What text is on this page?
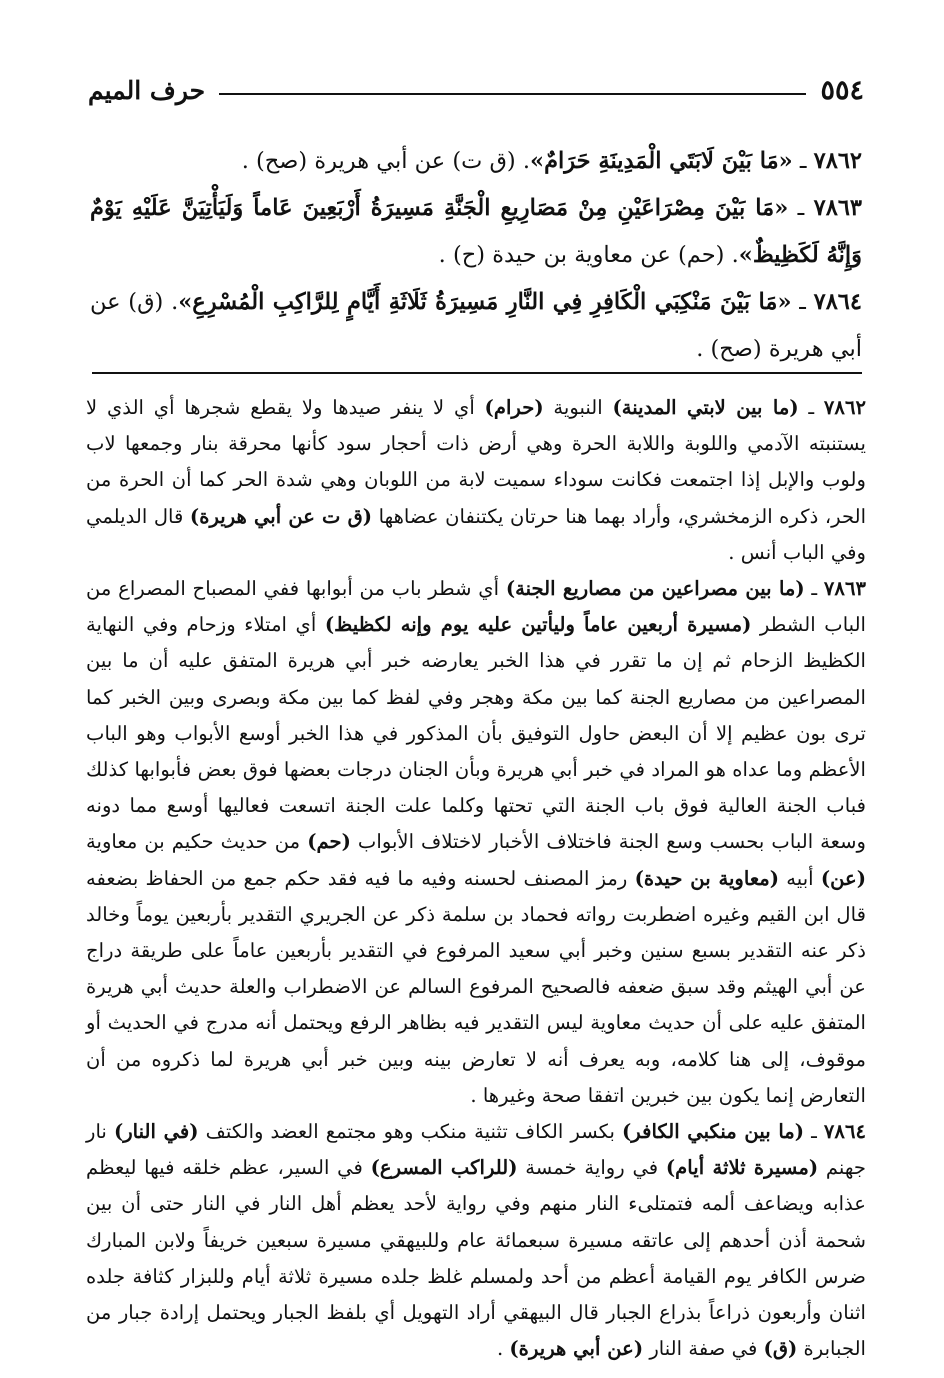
٥٥٤
حرف الميم

٧٨٦٢ ـ «مَا بَيْنَ لَابَتَي الْمَدِينَةِ حَرَامٌ». (ق ت) عن أبي هريرة (صح) .

٧٨٦٣ ـ «مَا بَيْنَ مِصْرَاعَيْنِ مِنْ مَصَارِيعِ الْجَنَّةِ مَسِيرَةُ أَرْبَعِينَ عَاماً وَلَيَأْتِيَنَّ عَلَيْهِ يَوْمٌ وَإِنَّهُ لَكَظِيظٌ». (حم) عن معاوية بن حيدة (ح) .

٧٨٦٤ ـ «مَا بَيْنَ مَنْكِبَي الْكَافِرِ فِي النَّارِ مَسِيرَةُ ثَلَاثَةِ أَيَّامٍ لِلرَّاكِبِ الْمُسْرِعِ». (ق) عن أبي هريرة (صح) .

٧٨٦٢ ـ (ما بين لابتي المدينة) النبوية (حرام) أي لا ينفر صيدها ولا يقطع شجرها أي الذي لا يستنبته الآدمي واللوبة واللابة الحرة وهي أرض ذات أحجار سود كأنها محرقة بنار وجمعها لاب ولوب والإبل إذا اجتمعت فكانت سوداء سميت لابة من اللوبان وهي شدة الحر كما أن الحرة من الحر، ذكره الزمخشري، وأراد بهما هنا حرتان يكتنفان عضاهها (ق ت عن أبي هريرة) قال الديلمي وفي الباب أنس .

٧٨٦٣ ـ (ما بين مصراعين من مصاريع الجنة) أي شطر باب من أبوابها ففي المصباح المصراع من الباب الشطر (مسيرة أربعين عاماً وليأتين عليه يوم وإنه لكظيظ) أي امتلاء وزحام وفي النهاية الكظيظ الزحام ثم إن ما تقرر في هذا الخبر يعارضه خبر أبي هريرة المتفق عليه أن ما بين المصراعين من مصاريع الجنة كما بين مكة وهجر وفي لفظ كما بين مكة وبصرى وبين الخبر كما ترى بون عظيم إلا أن البعض حاول التوفيق بأن المذكور في هذا الخبر أوسع الأبواب وهو الباب الأعظم وما عداه هو المراد في خبر أبي هريرة وبأن الجنان درجات بعضها فوق بعض فأبوابها كذلك فباب الجنة العالية فوق باب الجنة التي تحتها وكلما علت الجنة اتسعت فعاليها أوسع مما دونه وسعة الباب بحسب وسع الجنة فاختلاف الأخبار لاختلاف الأبواب (حم) من حديث حكيم بن معاوية (عن) أبيه (معاوية بن حيدة) رمز المصنف لحسنه وفيه ما فيه فقد حكم جمع من الحفاظ بضعفه قال ابن القيم وغيره اضطربت رواته فحماد بن سلمة ذكر عن الجريري التقدير بأربعين يوماً وخالد ذكر عنه التقدير بسبع سنين وخبر أبي سعيد المرفوع في التقدير بأربعين عاماً على طريقة دراج عن أبي الهيثم وقد سبق ضعفه فالصحيح المرفوع السالم عن الاضطراب والعلة حديث أبي هريرة المتفق عليه على أن حديث معاوية ليس التقدير فيه بظاهر الرفع ويحتمل أنه مدرج في الحديث أو موقوف، إلى هنا كلامه، وبه يعرف أنه لا تعارض بينه وبين خبر أبي هريرة لما ذكروه من أن التعارض إنما يكون بين خبرين اتفقا صحة وغيرها .

٧٨٦٤ ـ (ما بين منكبي الكافر) بكسر الكاف تثنية منكب وهو مجتمع العضد والكتف (في النار) نار جهنم (مسيرة ثلاثة أيام) في رواية خمسة (للراكب المسرع) في السير، عظم خلقه فيها ليعظم عذابه ويضاعف ألمه فتمتلىء النار منهم وفي رواية لأحد يعظم أهل النار في النار حتى أن بين شحمة أذن أحدهم إلى عاتقه مسيرة سبعمائة عام وللبيهقي مسيرة سبعين خريفاً ولابن المبارك ضرس الكافر يوم القيامة أعظم من أحد ولمسلم غلظ جلده مسيرة ثلاثة أيام وللبزار كثافة جلده اثنان وأربعون ذراعاً بذراع الجبار قال البيهقي أراد التهويل أي بلفظ الجبار ويحتمل إرادة جبار من الجبابرة (ق) في صفة النار (عن أبي هريرة) .
